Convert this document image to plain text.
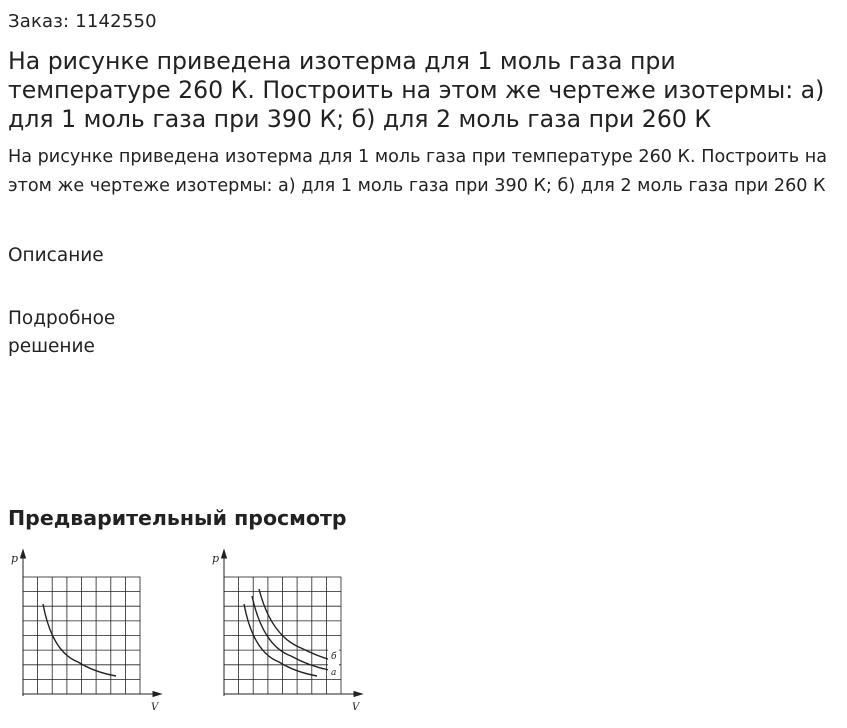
Заказ: 1142550
На рисунке приведена изотерма для 1 моль газа при температуре 260 К. Построить на этом же чертеже изотермы: а) для 1 моль газа при 390 К; б) для 2 моль газа при 260 К
На рисунке приведена изотерма для 1 моль газа при температуре 260 К. Построить на этом же чертеже изотермы: а) для 1 моль газа при 390 К; б) для 2 моль газа при 260 К
Описание
Подробное
решение
Предварительный просмотр
p
V
p
V
б
а
